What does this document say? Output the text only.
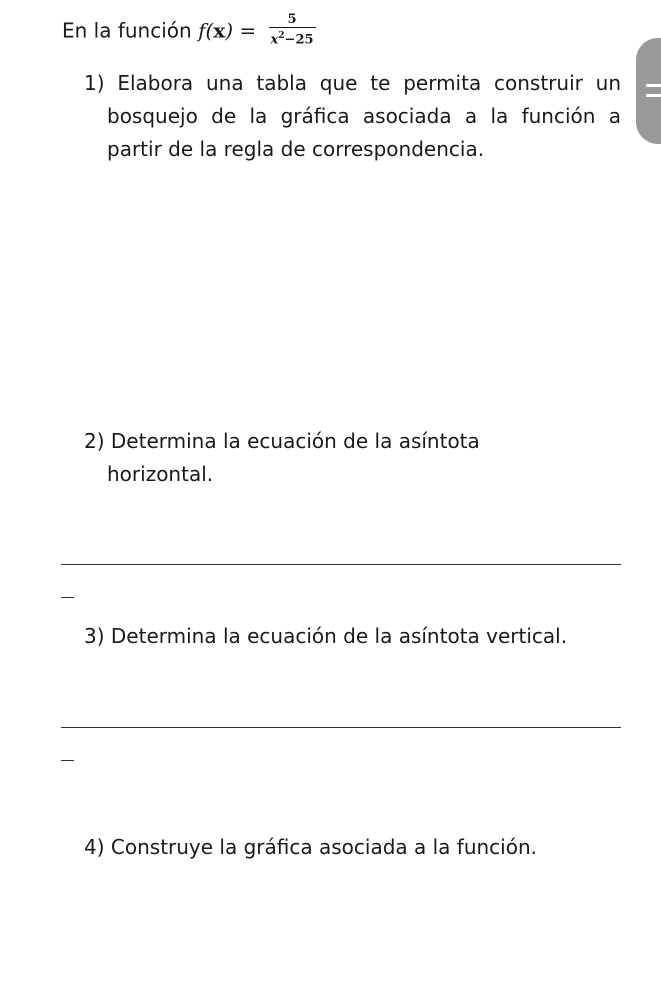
En la función $f(x) = \frac{5}{x^2-25}$
1) Elabora una tabla que te permita construir un
bosquejo de la gráfica asociada a la función a
partir de la regla de correspondencia.
2) Determina la ecuación de la asíntota
horizontal.
3) Determina la ecuación de la asíntota vertical.
4) Construye la gráfica asociada a la función.
